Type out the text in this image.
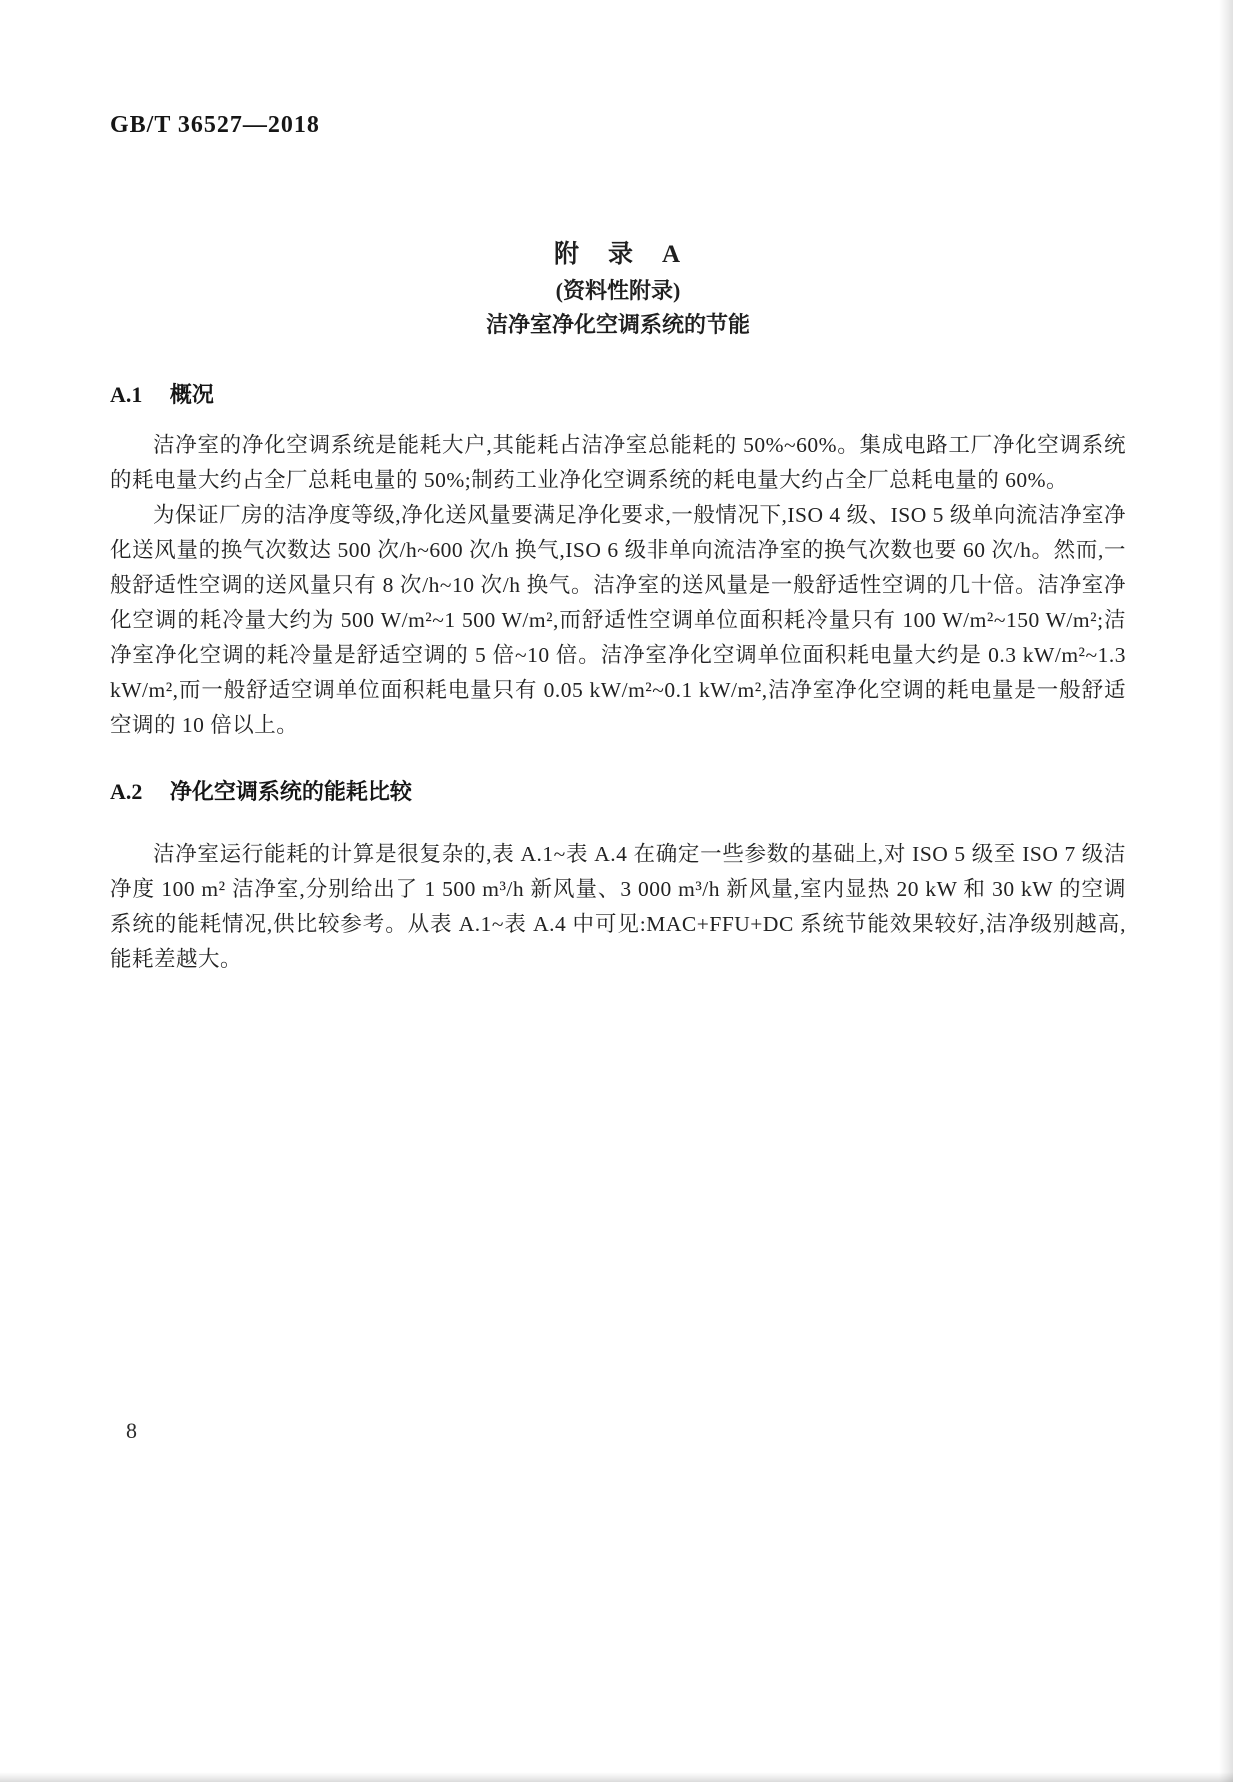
GB/T 36527—2018
附　录　A
(资料性附录)
洁净室净化空调系统的节能
A.1 概况

洁净室的净化空调系统是能耗大户,其能耗占洁净室总能耗的 50%~60%。集成电路工厂净化空调系统的耗电量大约占全厂总耗电量的 50%;制药工业净化空调系统的耗电量大约占全厂总耗电量的 60%。

为保证厂房的洁净度等级,净化送风量要满足净化要求,一般情况下,ISO 4 级、ISO 5 级单向流洁净室净化送风量的换气次数达 500 次/h~600 次/h 换气,ISO 6 级非单向流洁净室的换气次数也要 60 次/h。然而,一般舒适性空调的送风量只有 8 次/h~10 次/h 换气。洁净室的送风量是一般舒适性空调的几十倍。洁净室净化空调的耗冷量大约为 500 W/m²~1 500 W/m²,而舒适性空调单位面积耗冷量只有 100 W/m²~150 W/m²;洁净室净化空调的耗冷量是舒适空调的 5 倍~10 倍。洁净室净化空调单位面积耗电量大约是 0.3 kW/m²~1.3 kW/m²,而一般舒适空调单位面积耗电量只有 0.05 kW/m²~0.1 kW/m²,洁净室净化空调的耗电量是一般舒适空调的 10 倍以上。

A.2 净化空调系统的能耗比较

洁净室运行能耗的计算是很复杂的,表 A.1~表 A.4 在确定一些参数的基础上,对 ISO 5 级至 ISO 7 级洁净度 100 m² 洁净室,分别给出了 1 500 m³/h 新风量、3 000 m³/h 新风量,室内显热 20 kW 和 30 kW 的空调系统的能耗情况,供比较参考。从表 A.1~表 A.4 中可见:MAC+FFU+DC 系统节能效果较好,洁净级别越高,能耗差越大。

8
